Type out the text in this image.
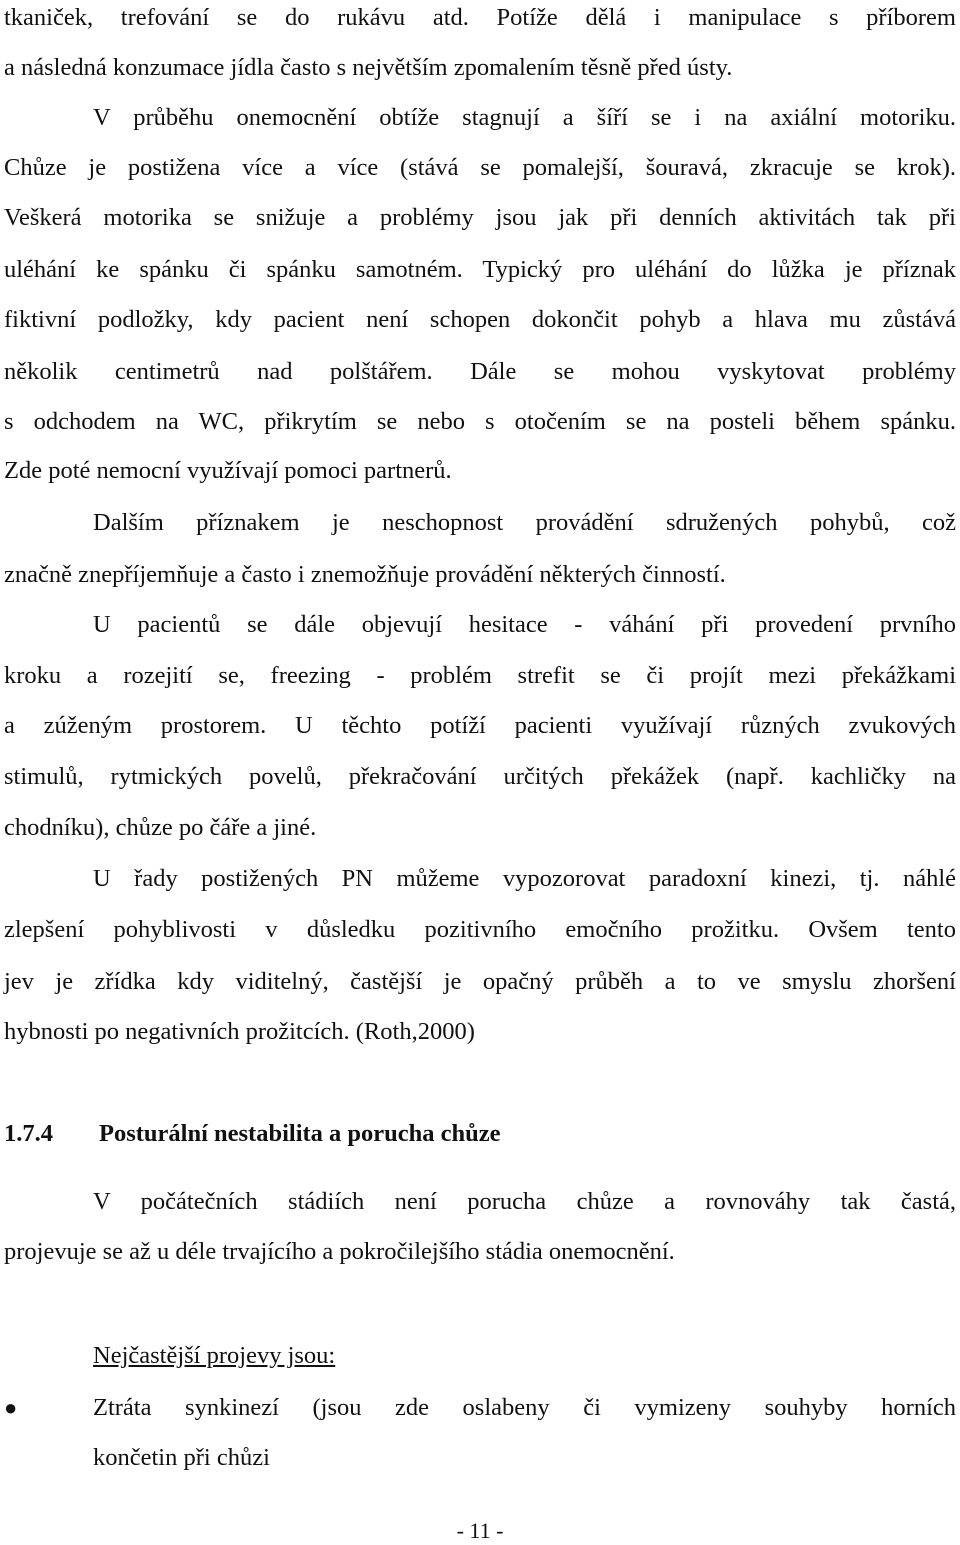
tkaniček, trefování se do rukávu atd. Potíže dělá i manipulace s příborem
a následná konzumace jídla často s největším zpomalením těsně před ústy.
V průběhu onemocnění obtíže stagnují a šíří se i na axiální motoriku.
Chůze je postižena více a více (stává se pomalejší, šouravá, zkracuje se krok).
Veškerá motorika se snižuje a problémy jsou jak při denních aktivitách tak při
uléhání ke spánku či spánku samotném. Typický pro uléhání do lůžka je příznak
fiktivní podložky, kdy pacient není schopen dokončit pohyb a hlava mu zůstává
několik centimetrů nad polštářem. Dále se mohou vyskytovat problémy
s odchodem na WC, přikrytím se nebo s otočením se na posteli během spánku.
Zde poté nemocní využívají pomoci partnerů.
Dalším příznakem je neschopnost provádění sdružených pohybů, což
značně znepříjemňuje a často i znemožňuje provádění některých činností.
U pacientů se dále objevují hesitace - váhání při provedení prvního
kroku a rozejití se, freezing - problém strefit se či projít mezi překážkami
a zúženým prostorem. U těchto potíží pacienti využívají různých zvukových
stimulů, rytmických povelů, překračování určitých překážek (např. kachličky na
chodníku), chůze po čáře a jiné.
U řady postižených PN můžeme vypozorovat paradoxní kinezi, tj. náhlé
zlepšení pohyblivosti v důsledku pozitivního emočního prožitku. Ovšem tento
jev je zřídka kdy viditelný, častější je opačný průběh a to ve smyslu zhoršení
hybnosti po negativních prožitcích. (Roth,2000)
1.7.4 Posturální nestabilita a porucha chůze
V počátečních stádiích není porucha chůze a rovnováhy tak častá,
projevuje se až u déle trvajícího a pokročilejšího stádia onemocnění.
Nejčastější projevy jsou:
●	Ztráta synkinezí (jsou zde oslabeny či vymizeny souhyby horních
končetin při chůzi
- 11 -
